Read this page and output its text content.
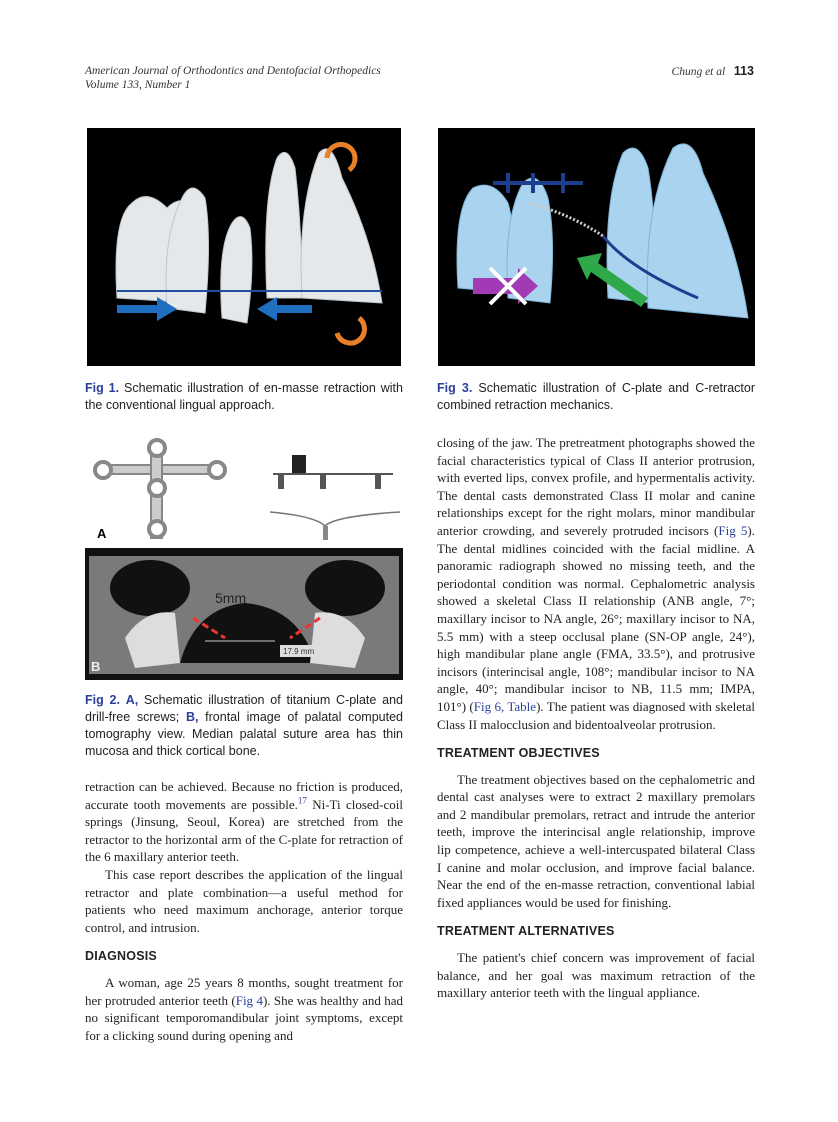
American Journal of Orthodontics and Dentofacial Orthopedics
Volume 133, Number 1
Chung et al 113
Fig 1. Schematic illustration of en-masse retraction with the conventional lingual approach.
Fig 3. Schematic illustration of C-plate and C-retractor combined retraction mechanics.
A
5mm
17.9 mm
B
Fig 2. A, Schematic illustration of titanium C-plate and drill-free screws; B, frontal image of palatal computed tomography view. Median palatal suture area has thin mucosa and thick cortical bone.

retraction can be achieved. Because no friction is produced, accurate tooth movements are possible.$^{17}$ Ni-Ti closed-coil springs (Jinsung, Seoul, Korea) are stretched from the retractor to the horizontal arm of the C-plate for retraction of the 6 maxillary anterior teeth.

This case report describes the application of the lingual retractor and plate combination—a useful method for patients who need maximum anchorage, anterior torque control, and intrusion.

DIAGNOSIS

A woman, age 25 years 8 months, sought treatment for her protruded anterior teeth (Fig 4). She was healthy and had no significant temporomandibular joint symptoms, except for a clicking sound during opening and

closing of the jaw. The pretreatment photographs showed the facial characteristics typical of Class II anterior protrusion, with everted lips, convex profile, and hypermentalis activity. The dental casts demonstrated Class II molar and canine relationships except for the right molars, minor mandibular anterior crowding, and severely protruded incisors (Fig 5). The dental midlines coincided with the facial midline. A panoramic radiograph showed no missing teeth, and the periodontal condition was normal. Cephalometric analysis showed a skeletal Class II relationship (ANB angle, 7°; maxillary incisor to NA angle, 26°; maxillary incisor to NA, 5.5 mm) with a steep occlusal plane (SN-OP angle, 24°), high mandibular plane angle (FMA, 33.5°), and protrusive incisors (interincisal angle, 108°; mandibular incisor to NA angle, 40°; mandibular incisor to NB, 11.5 mm; IMPA, 101°) (Fig 6, Table). The patient was diagnosed with skeletal Class II malocclusion and bidentoalveolar protrusion.

TREATMENT OBJECTIVES

The treatment objectives based on the cephalometric and dental cast analyses were to extract 2 maxillary premolars and 2 mandibular premolars, retract and intrude the anterior teeth, improve the interincisal angle relationship, improve lip competence, achieve a well-intercuspated bilateral Class I canine and molar occlusion, and improve facial balance. Near the end of the en-masse retraction, conventional labial fixed appliances would be used for finishing.

TREATMENT ALTERNATIVES

The patient's chief concern was improvement of facial balance, and her goal was maximum retraction of the maxillary anterior teeth with the lingual appliance.
